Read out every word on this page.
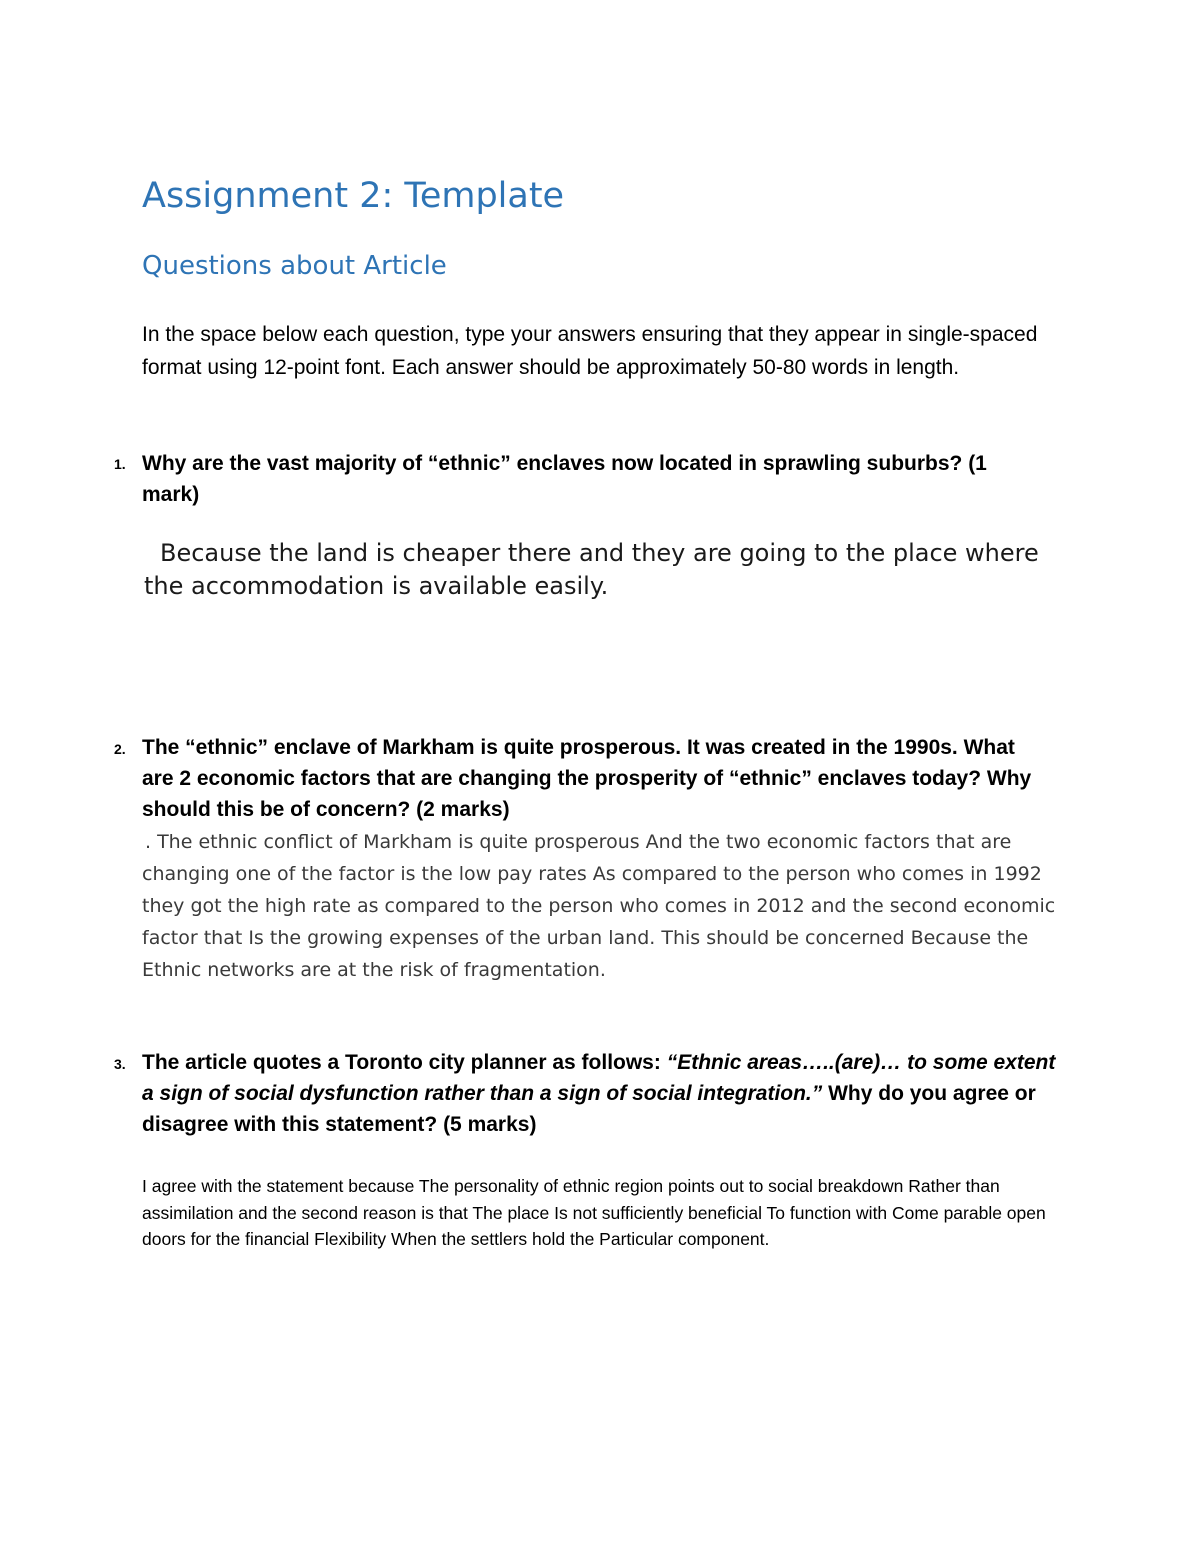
Assignment 2: Template
Questions about Article

In the space below each question, type your answers ensuring that they appear in single-spaced format using 12-point font. Each answer should be approximately 50-80 words in length.

1. Why are the vast majority of “ethnic” enclaves now located in sprawling suburbs? (1 mark)

Because the land is cheaper there and they are going to the place where the accommodation is available easily.

2. The “ethnic” enclave of Markham is quite prosperous. It was created in the 1990s. What are 2 economic factors that are changing the prosperity of “ethnic” enclaves today? Why should this be of concern? (2 marks)

. The ethnic conflict of Markham is quite prosperous And the two economic factors that are changing one of the factor is the low pay rates As compared to the person who comes in 1992 they got the high rate as compared to the person who comes in 2012 and the second economic factor that Is the growing expenses of the urban land. This should be concerned Because the Ethnic networks are at the risk of fragmentation.

3. The article quotes a Toronto city planner as follows: “Ethnic areas…..(are)… to some extent a sign of social dysfunction rather than a sign of social integration.” Why do you agree or disagree with this statement? (5 marks)

I agree with the statement because The personality of ethnic region points out to social breakdown Rather than assimilation and the second reason is that The place Is not sufficiently beneficial To function with Come parable open doors for the financial Flexibility When the settlers hold the Particular component.
